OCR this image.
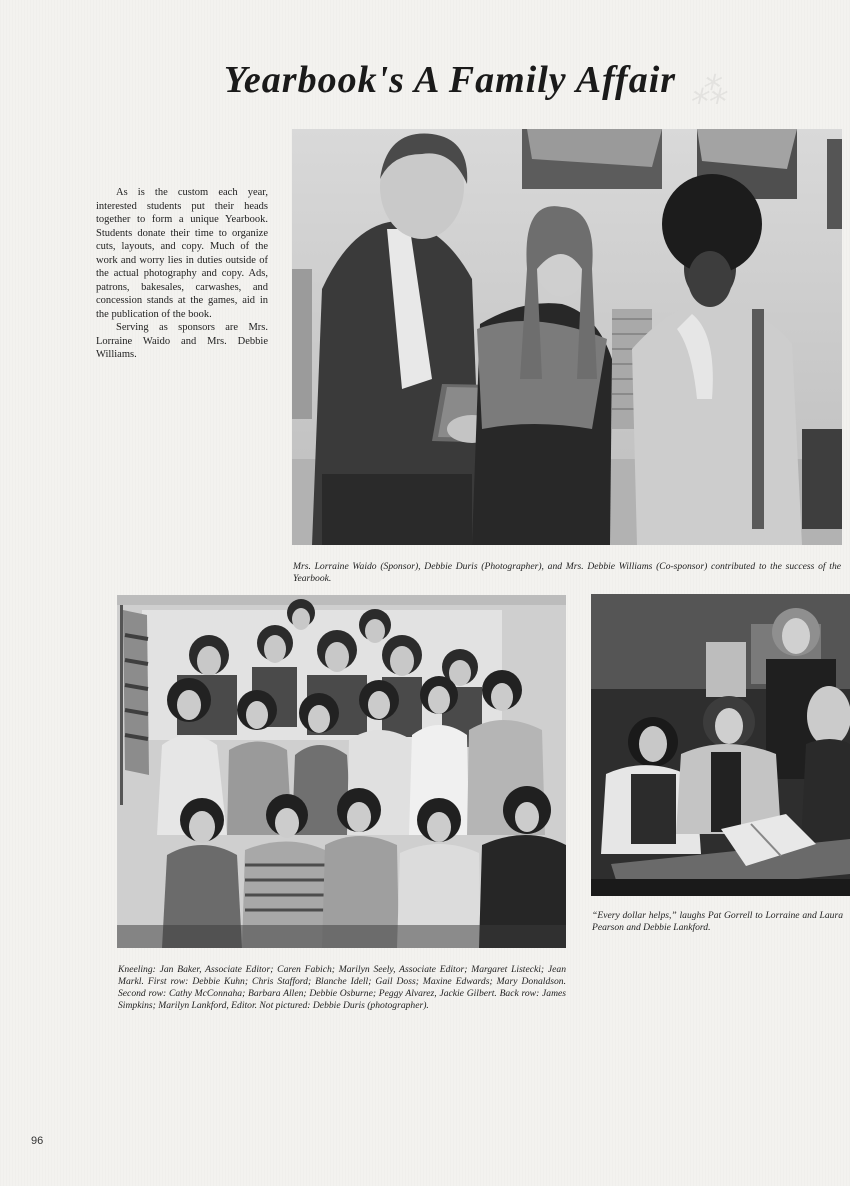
⁂
Yearbook's A Family Affair

As is the custom each year, interested students put their heads together to form a unique Yearbook. Students donate their time to organize cuts, layouts, and copy. Much of the work and worry lies in duties outside of the actual photography and copy. Ads, patrons, bakesales, carwashes, and concession stands at the games, aid in the publication of the book.

Serving as sponsors are Mrs. Lorraine Waido and Mrs. Debbie Williams.

Mrs. Lorraine Waido (Sponsor), Debbie Duris (Photographer), and Mrs. Debbie Williams (Co-sponsor) contributed to the success of the Yearbook.
“Every dollar helps,” laughs Pat Gorrell to Lorraine and Laura Pearson and Debbie Lankford.
Kneeling: Jan Baker, Associate Editor; Caren Fabich; Marilyn Seely, Associate Editor; Margaret Listecki; Jean Markl. First row: Debbie Kuhn; Chris Stafford; Blanche Idell; Gail Doss; Maxine Edwards; Mary Donaldson. Second row: Cathy McConnaha; Barbara Allen; Debbie Osburne; Peggy Alvarez, Jackie Gilbert. Back row: James Simpkins; Marilyn Lankford, Editor. Not pictured: Debbie Duris (photographer).
96
